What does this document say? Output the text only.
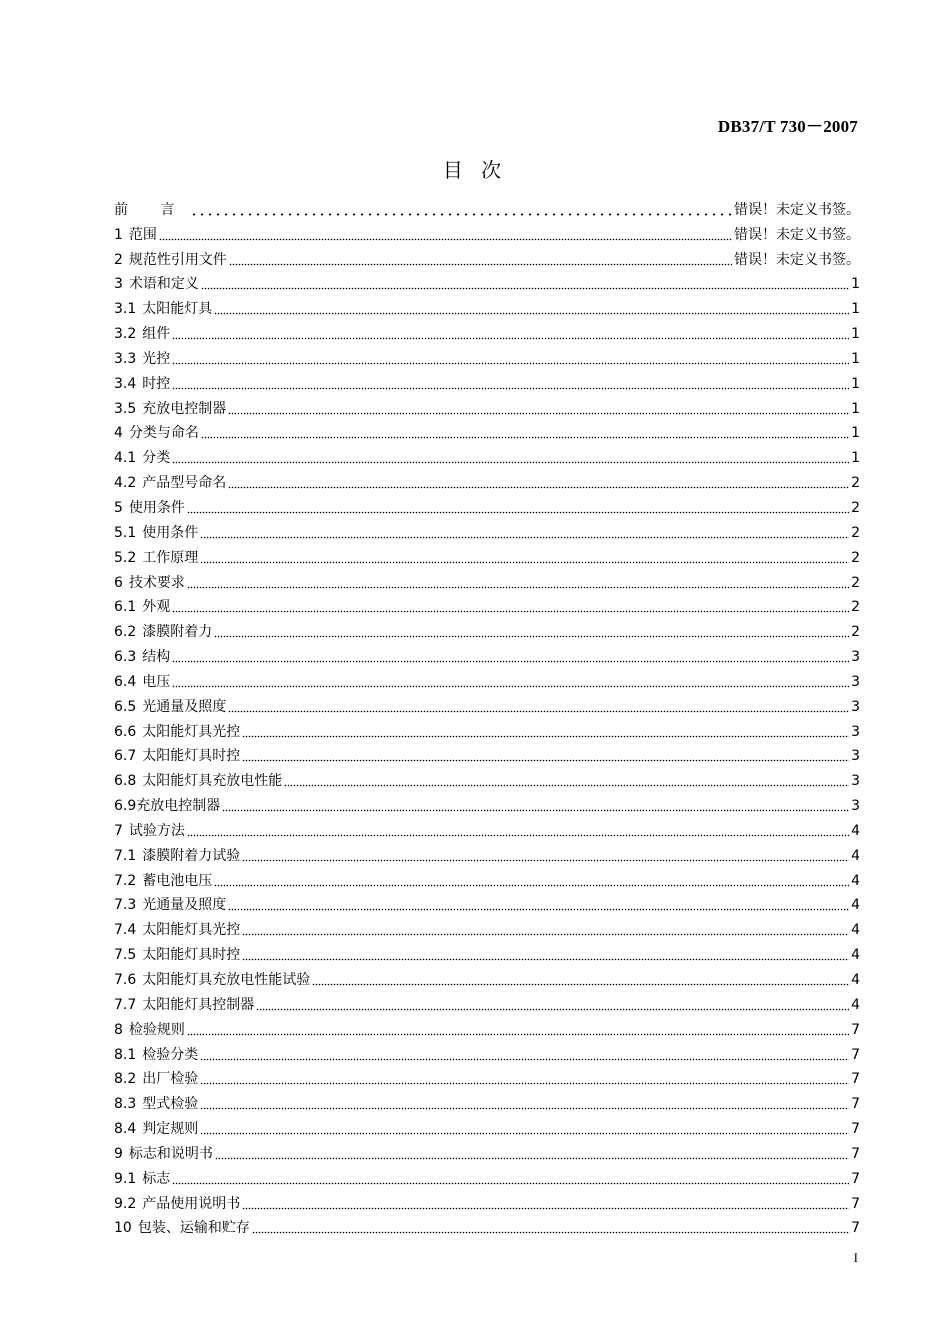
DB37/T 730－2007
目 次
前 言	错误！未定义书签。
1 范围	错误！未定义书签。
2 规范性引用文件	错误！未定义书签。
3 术语和定义	1
3.1 太阳能灯具	1
3.2 组件	1
3.3 光控	1
3.4 时控	1
3.5 充放电控制器	1
4 分类与命名	1
4.1 分类	1
4.2 产品型号命名	2
5 使用条件	2
5.1 使用条件	2
5.2 工作原理	2
6 技术要求	2
6.1 外观	2
6.2 漆膜附着力	2
6.3 结构	3
6.4 电压	3
6.5 光通量及照度	3
6.6 太阳能灯具光控	3
6.7 太阳能灯具时控	3
6.8 太阳能灯具充放电性能	3
6.9充放电控制器	3
7 试验方法	4
7.1 漆膜附着力试验	4
7.2 蓄电池电压	4
7.3 光通量及照度	4
7.4 太阳能灯具光控	4
7.5 太阳能灯具时控	4
7.6 太阳能灯具充放电性能试验	4
7.7 太阳能灯具控制器	4
8 检验规则	7
8.1 检验分类	7
8.2 出厂检验	7
8.3 型式检验	7
8.4 判定规则	7
9 标志和说明书	7
9.1 标志	7
9.2 产品使用说明书	7
10 包装、运输和贮存	7
I
